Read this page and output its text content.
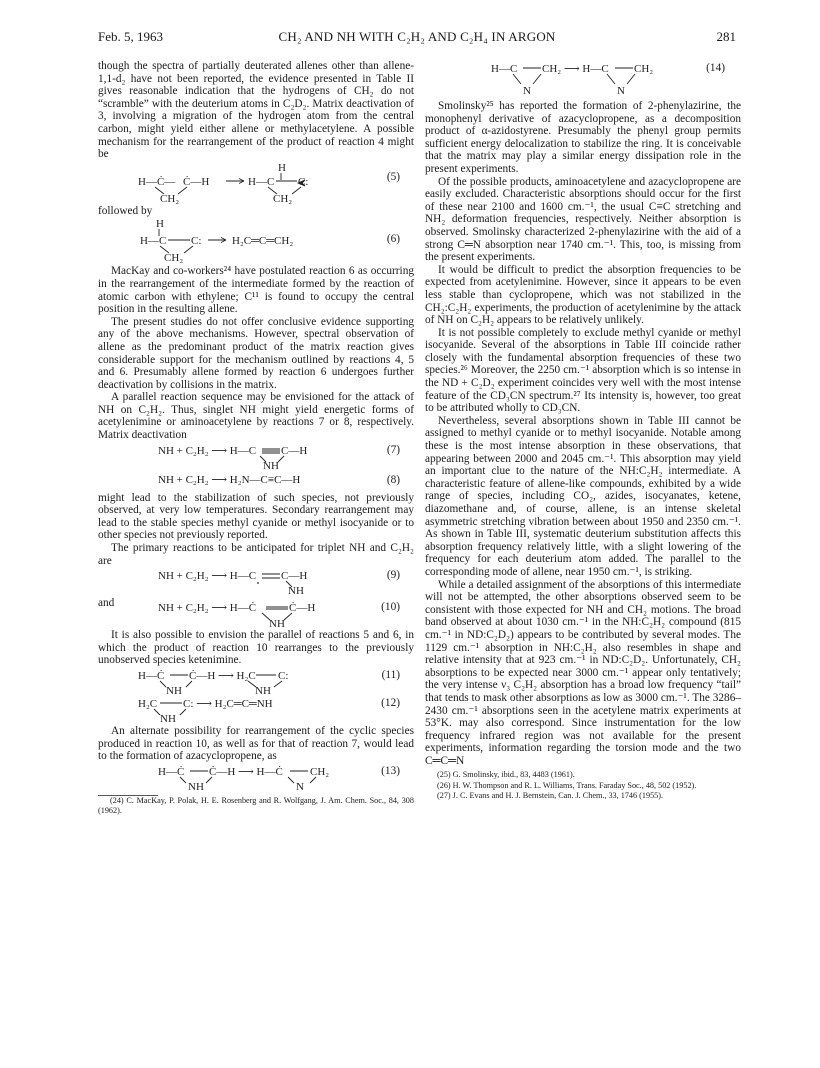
Feb. 5, 1963	CH₂ AND NH WITH C₂H₂ AND C₂H₄ IN ARGON	281

though the spectra of partially deuterated allenes other than allene-1,1-d₂ have not been reported, the evidence presented in Table II gives reasonable indication that the hydrogens of CH₂ do not “scramble” with the deuterium atoms in C₂D₂. Matrix deactivation of 3, involving a migration of the hydrogen atom from the central carbon, might yield either allene or methylacetylene. A possible mechanism for the rearrangement of the product of reaction 4 might be

H
H—Ċ— Ċ—H	H—C C:
CH₂	CH₂
(5)

followed by

H
H—C C:	H₂C═C═CH₂
CH₂
(6)

MacKay and co-workers²⁴ have postulated reaction 6 as occurring in the rearrangement of the intermediate formed by the reaction of atomic carbon with ethylene; C¹¹ is found to occupy the central position in the resulting allene.

The present studies do not offer conclusive evidence supporting any of the above mechanisms. However, spectral observation of allene as the predominant product of the matrix reaction gives considerable support for the mechanism outlined by reactions 4, 5 and 6. Presumably allene formed by reaction 6 undergoes further deactivation by collisions in the matrix.

A parallel reaction sequence may be envisioned for the attack of NH on C₂H₂. Thus, singlet NH might yield energetic forms of acetylenimine or aminoacetylene by reactions 7 or 8, respectively. Matrix deactivation

NH + C₂H₂ ⟶ H—C C—H
NH
(7)
NH + C₂H₂ ⟶ H₂N—C≡C—H	(8)

might lead to the stabilization of such species, not previously observed, at very low temperatures. Secondary rearrangement may lead to the stable species methyl cyanide or methyl isocyanide or to other species not previously reported.

The primary reactions to be anticipated for triplet NH and C₂H₂ are

NH + C₂H₂ ⟶ H—C C—H
NH
(9)
and	NH + C₂H₂ ⟶ H—Ċ	Ċ—H
NH
(10)

It is also possible to envision the parallel of reactions 5 and 6, in which the product of reaction 10 rearranges to the previously unobserved species ketenimine.

H—Ċ Ċ—H ⟶ H₂C C:
NH	NH
(11)
H₂C C: ⟶ H₂C═C═NH
NH
(12)

An alternate possibility for rearrangement of the cyclic species produced in reaction 10, as well as for that of reaction 7, would lead to the formation of azacyclopropene, as

H—Ċ Ċ—H ⟶ H—Ċ CH₂
NH	N
(13)

(24) C. MacKay, P. Polak, H. E. Rosenberg and R. Wolfgang, J. Am. Chem. Soc., 84, 308 (1962).

H—C CH₂ ⟶ H—C CH₂
N	N
(14)

Smolinsky²⁵ has reported the formation of 2-phenylazirine, the monophenyl derivative of azacyclopropene, as a decomposition product of α-azidostyrene. Presumably the phenyl group permits sufficient energy delocalization to stabilize the ring. It is conceivable that the matrix may play a similar energy dissipation role in the present experiments.

Of the possible products, aminoacetylene and azacyclopropene are easily excluded. Characteristic absorptions should occur for the first of these near 2100 and 1600 cm.⁻¹, the usual C≡C stretching and NH₂ deformation frequencies, respectively. Neither absorption is observed. Smolinsky characterized 2-phenylazirine with the aid of a strong C═N absorption near 1740 cm.⁻¹. This, too, is missing from the present experiments.

It would be difficult to predict the absorption frequencies to be expected from acetylenimine. However, since it appears to be even less stable than cyclopropene, which was not stabilized in the CH₂:C₂H₂ experiments, the production of acetylenimine by the attack of NH on C₂H₂ appears to be relatively unlikely.

It is not possible completely to exclude methyl cyanide or methyl isocyanide. Several of the absorptions in Table III coincide rather closely with the fundamental absorption frequencies of these two species.²⁶ Moreover, the 2250 cm.⁻¹ absorption which is so intense in the ND + C₂D₂ experiment coincides very well with the most intense feature of the CD₃CN spectrum.²⁷ Its intensity is, however, too great to be attributed wholly to CD₃CN.

Nevertheless, several absorptions shown in Table III cannot be assigned to methyl cyanide or to methyl isocyanide. Notable among these is the most intense absorption in these observations, that appearing between 2000 and 2045 cm.⁻¹. This absorption may yield an important clue to the nature of the NH:C₂H₂ intermediate. A characteristic feature of allene-like compounds, exhibited by a wide range of species, including CO₂, azides, isocyanates, ketene, diazomethane and, of course, allene, is an intense skeletal asymmetric stretching vibration between about 1950 and 2350 cm.⁻¹. As shown in Table III, systematic deuterium substitution affects this absorption frequency relatively little, with a slight lowering of the frequency for each deuterium atom added. The parallel to the corresponding mode of allene, near 1950 cm.⁻¹, is striking.

While a detailed assignment of the absorptions of this intermediate will not be attempted, the other absorptions observed seem to be consistent with those expected for NH and CH₂ motions. The broad band observed at about 1030 cm.⁻¹ in the NH:C₂H₂ compound (815 cm.⁻¹ in ND:C₂D₂) appears to be contributed by several modes. The 1129 cm.⁻¹ absorption in NH:C₂H₂ also resembles in shape and relative intensity that at 923 cm.⁻¹ in ND:C₂D₂. Unfortunately, CH₂ absorptions to be expected near 3000 cm.⁻¹ appear only tentatively; the very intense ν₃ C₂H₂ absorption has a broad low frequency “tail” that tends to mask other absorptions as low as 3000 cm.⁻¹. The 3286–2430 cm.⁻¹ absorptions seen in the acetylene matrix experiments at 53°K. may also correspond. Since instrumentation for the low frequency infrared region was not available for the present experiments, information regarding the torsion mode and the two C═C═N

(25) G. Smolinsky, ibid., 83, 4483 (1961).

(26) H. W. Thompson and R. L. Williams, Trans. Faraday Soc., 48, 502 (1952).

(27) J. C. Evans and H. J. Bernstein, Can. J. Chem., 33, 1746 (1955).
